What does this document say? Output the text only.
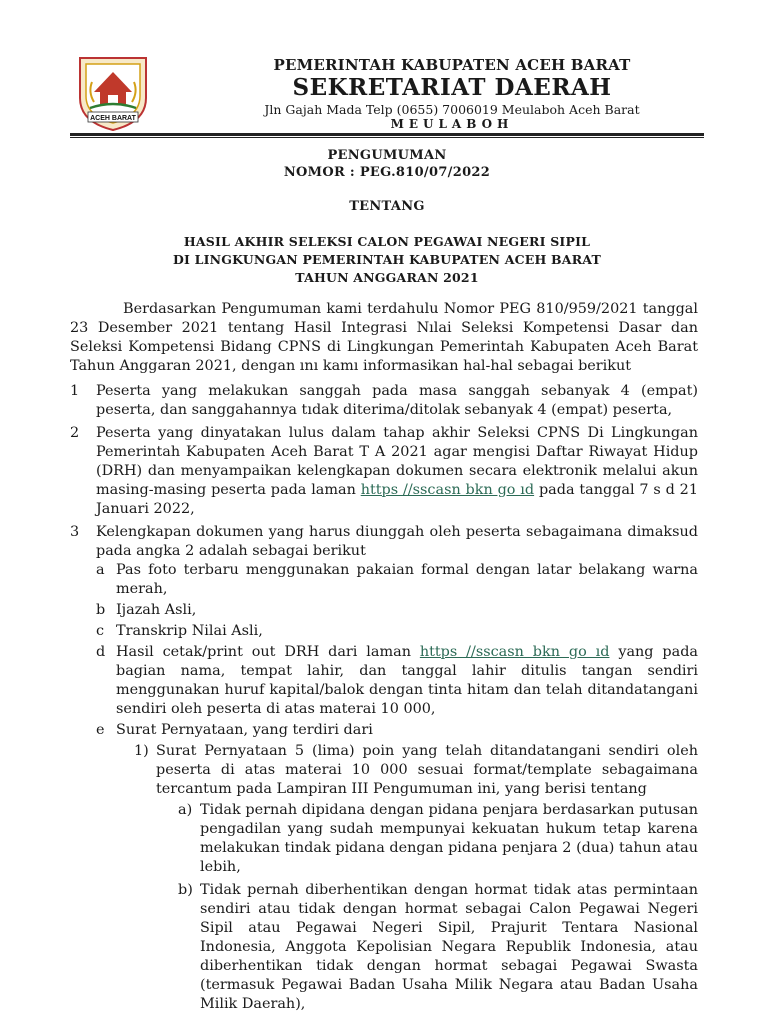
ACEH BARAT
PEMERINTAH KABUPATEN ACEH BARAT
SEKRETARIAT DAERAH
Jln Gajah Mada Telp (0655) 7006019 Meulaboh Aceh Barat
MEULABOH
PENGUMUMAN
NOMOR : PEG.810/07/2022
TENTANG
HASIL AKHIR SELEKSI CALON PEGAWAI NEGERI SIPIL
DI LINGKUNGAN PEMERINTAH KABUPATEN ACEH BARAT
TAHUN ANGGARAN 2021

Berdasarkan Pengumuman kami terdahulu Nomor PEG 810/959/2021 tanggal 23 Desember 2021 tentang Hasil Integrasi Nılai Seleksi Kompetensi Dasar dan Seleksi Kompetensi Bidang CPNS di Lingkungan Pemerintah Kabupaten Aceh Barat Tahun Anggaran 2021, dengan ını kamı informasikan hal-hal sebagai berikut

1 Peserta yang melakukan sanggah pada masa sanggah sebanyak 4 (empat) peserta, dan sanggahannya tıdak diterima/ditolak sebanyak 4 (empat) peserta,
2 Peserta yang dinyatakan lulus dalam tahap akhir Seleksi CPNS Di Lingkungan Pemerintah Kabupaten Aceh Barat T A 2021 agar mengisi Daftar Riwayat Hidup (DRH) dan menyampaikan kelengkapan dokumen secara elektronik melalui akun masing-masing peserta pada laman https //sscasn bkn go ıd pada tanggal 7 s d 21 Januari 2022,
3 Kelengkapan dokumen yang harus diunggah oleh peserta sebagaimana dimaksud pada angka 2 adalah sebagai berikut
a Pas foto terbaru menggunakan pakaian formal dengan latar belakang warna merah,
b Ijazah Asli,
c Transkrip Nilai Asli,
d Hasil cetak/print out DRH dari laman https //sscasn bkn go ıd yang pada bagian nama, tempat lahir, dan tanggal lahir ditulis tangan sendiri menggunakan huruf kapital/balok dengan tinta hitam dan telah ditandatangani sendiri oleh peserta di atas materai 10 000,
e Surat Pernyataan, yang terdiri dari
1) Surat Pernyataan 5 (lima) poin yang telah ditandatangani sendiri oleh peserta di atas materai 10 000 sesuai format/template sebagaimana tercantum pada Lampiran III Pengumuman ini, yang berisi tentang
a) Tidak pernah dipidana dengan pidana penjara berdasarkan putusan pengadilan yang sudah mempunyai kekuatan hukum tetap karena melakukan tindak pidana dengan pidana penjara 2 (dua) tahun atau lebih,
b) Tidak pernah diberhentikan dengan hormat tidak atas permintaan sendiri atau tidak dengan hormat sebagai Calon Pegawai Negeri Sipil atau Pegawai Negeri Sipil, Prajurit Tentara Nasional Indonesia, Anggota Kepolisian Negara Republik Indonesia, atau diberhentikan tidak dengan hormat sebagai Pegawai Swasta (termasuk Pegawai Badan Usaha Milik Negara atau Badan Usaha Milik Daerah),
